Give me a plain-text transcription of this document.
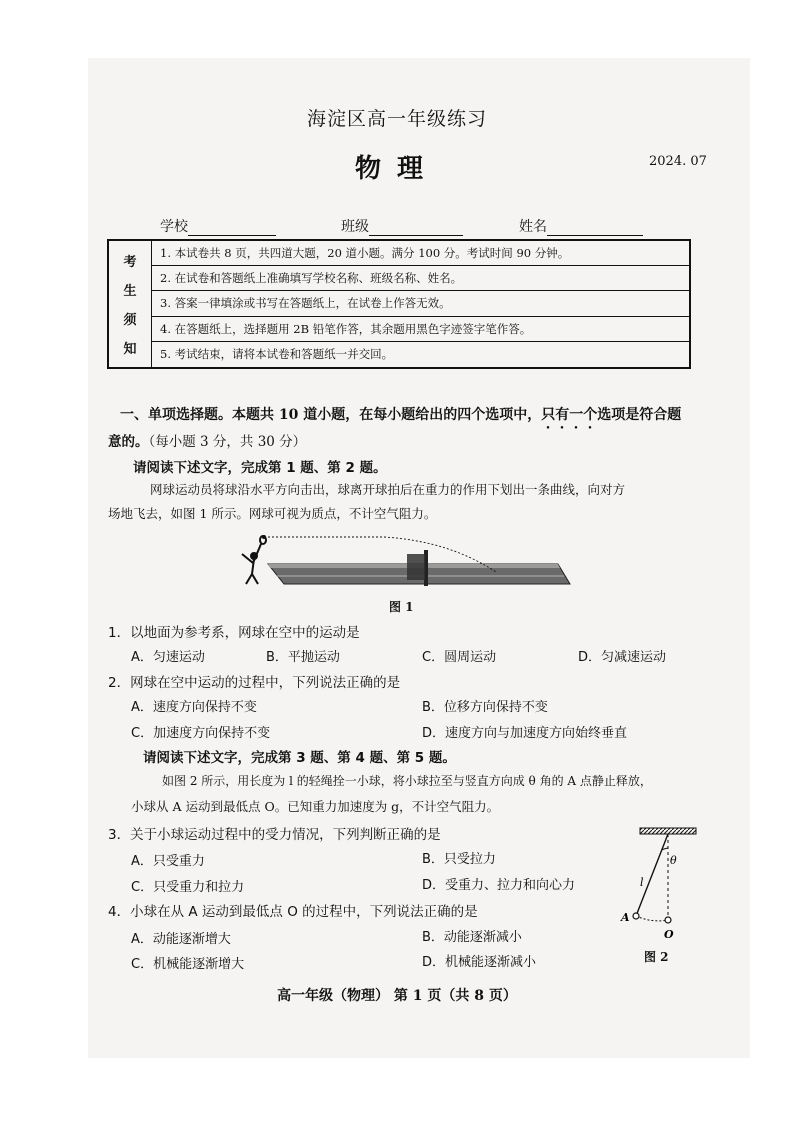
海淀区高一年级练习
物理	2024. 07
学校	班级	姓名
考
生
须
知
1. 本试卷共 8 页，共四道大题，20 道小题。满分 100 分。考试时间 90 分钟。
2. 在试卷和答题纸上准确填写学校名称、班级名称、姓名。
3. 答案一律填涂或书写在答题纸上，在试卷上作答无效。
4. 在答题纸上，选择题用 2B 铅笔作答，其余题用黑色字迹签字笔作答。
5. 考试结束，请将本试卷和答题纸一并交回。
一、单项选择题。本题共 10 道小题，在每小题给出的四个选项中，只有一个选项是符合题
意的。（每小题 3 分，共 30 分）
请阅读下述文字，完成第 1 题、第 2 题。
网球运动员将球沿水平方向击出，球离开球拍后在重力的作用下划出一条曲线，向对方
场地飞去，如图 1 所示。网球可视为质点，不计空气阻力。
图 1
1．以地面为参考系，网球在空中的运动是
A．匀速运动	B．平抛运动	C．圆周运动	D．匀减速运动
2．网球在空中运动的过程中，下列说法正确的是
A．速度方向保持不变	B．位移方向保持不变
C．加速度方向保持不变	D．速度方向与加速度方向始终垂直
请阅读下述文字，完成第 3 题、第 4 题、第 5 题。
如图 2 所示，用长度为 l 的轻绳拴一小球，将小球拉至与竖直方向成 θ 角的 A 点静止释放，
小球从 A 运动到最低点 O。已知重力加速度为 g，不计空气阻力。
3．关于小球运动过程中的受力情况，下列判断正确的是
A．只受重力	B．只受拉力
C．只受重力和拉力	D．受重力、拉力和向心力
4．小球在从 A 运动到最低点 O 的过程中，下列说法正确的是
A．动能逐渐增大	B．动能逐渐减小
C．机械能逐渐增大	D．机械能逐渐减小
θ
l
A
O
图 2
高一年级（物理） 第 1 页（共 8 页）
